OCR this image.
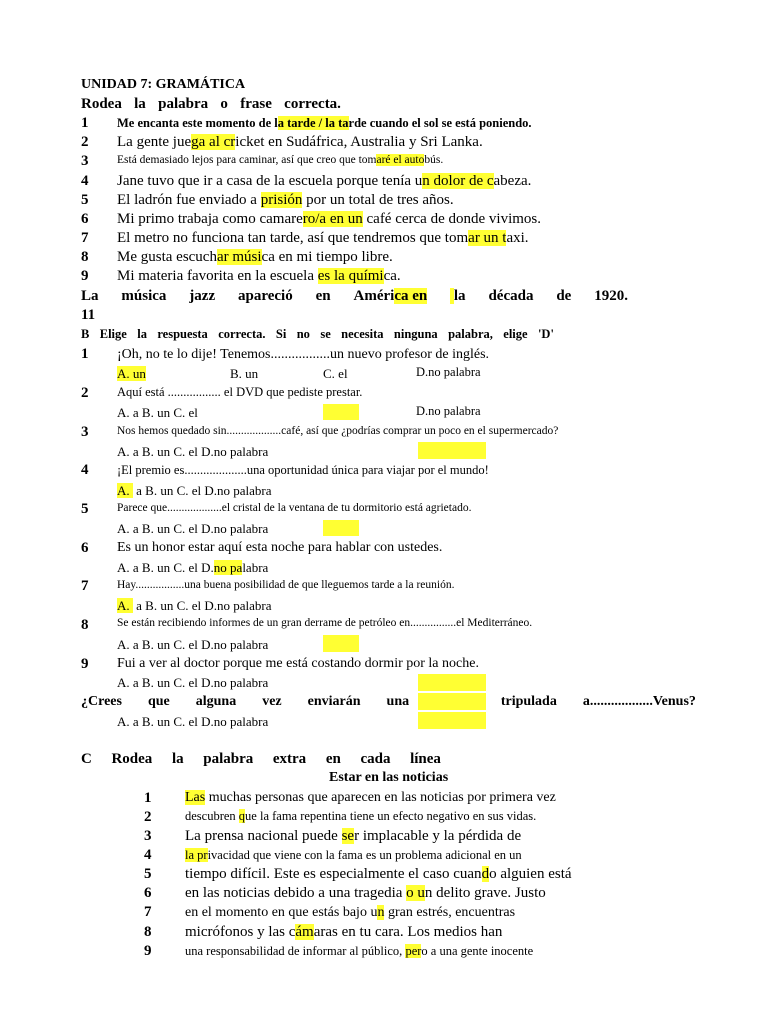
UNIDAD 7: GRAMÁTICA
Rodea la palabra o frase correcta.
1 Me encanta este momento de la tarde / la tarde cuando el sol se está poniendo.
2 La gente juega al cricket en Sudáfrica, Australia y Sri Lanka.
3 Está demasiado lejos para caminar, así que creo que tomaré el autobús.
4 Jane tuvo que ir a casa de la escuela porque tenía un dolor de cabeza.
5 El ladrón fue enviado a prisión por un total de tres años.
6 Mi primo trabaja como camarero/a en un café cerca de donde vivimos.
7 El metro no funciona tan tarde, así que tendremos que tomar un taxi.
8 Me gusta escuchar música en mi tiempo libre.
9 Mi materia favorita en la escuela es la química.
La música jazz apareció en América en la década de 1920.
11
B Elige la respuesta correcta. Si no se necesita ninguna palabra, elige 'D'
1 ¡Oh, no te lo dije! Tenemos.................un nuevo profesor de inglés.
A. un	B. un	C. el	D.no palabra
2 Aquí está ................. el DVD que pediste prestar.
A. a B. un C. el	D.no palabra
3 Nos hemos quedado sin...................café, así que ¿podrías comprar un poco en el supermercado?
A. a B. un C. el D.no palabra
4 ¡El premio es....................una oportunidad única para viajar por el mundo!
A.  a B. un C. el D.no palabra
5 Parece que...................el cristal de la ventana de tu dormitorio está agrietado.
A. a B. un C. el D.no palabra
6 Es un honor estar aquí esta noche para hablar con ustedes.
A. a B. un C. el D.no palabra
7 Hay.................una buena posibilidad de que lleguemos tarde a la reunión.
A.  a B. un C. el D.no palabra
8 Se están recibiendo informes de un gran derrame de petróleo en................el Mediterráneo.
A. a B. un C. el D.no palabra
9 Fui a ver al doctor porque me está costando dormir por la noche.
A. a B. un C. el D.no palabra
¿Crees que alguna vez enviarán una	tripulada a..................Venus?
A. a B. un C. el D.no palabra
C Rodea la palabra extra en cada línea
Estar en las noticias
1 Las muchas personas que aparecen en las noticias por primera vez
2	descubren que la fama repentina tiene un efecto negativo en sus vidas.
3 La prensa nacional puede ser implacable y la pérdida de
4	la privacidad que viene con la fama es un problema adicional en un
5 tiempo difícil. Este es especialmente el caso cuando alguien está
6 en las noticias debido a una tragedia o un delito grave. Justo
7 en el momento en que estás bajo un gran estrés, encuentras
8 micrófonos y las cámaras en tu cara. Los medios han
9	una responsabilidad de informar al público, pero a una gente inocente
